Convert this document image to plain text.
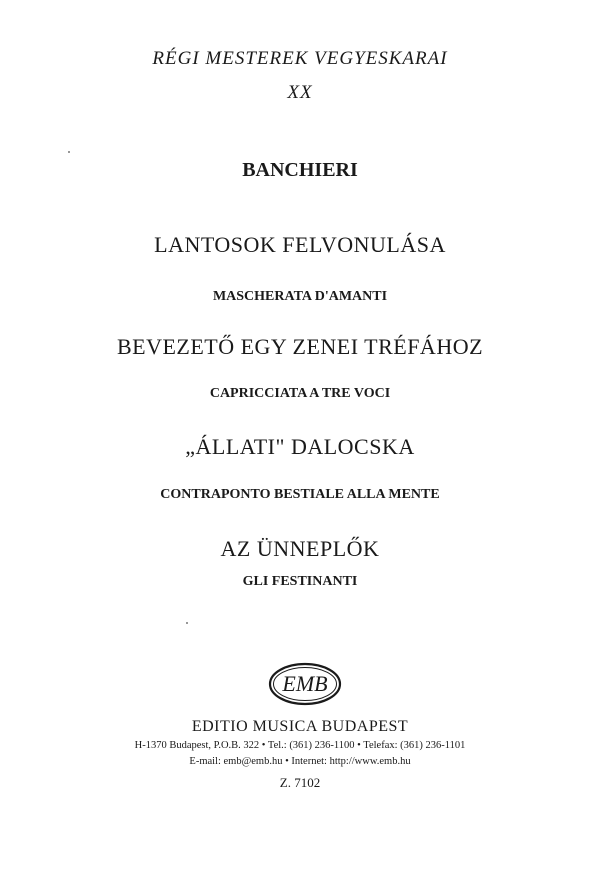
RÉGI MESTEREK VEGYESKARAI

XX

BANCHIERI

LANTOSOK FELVONULÁSA

MASCHERATA D'AMANTI

BEVEZETŐ EGY ZENEI TRÉFÁHOZ

CAPRICCIATA A TRE VOCI

„ÁLLATI" DALOCSKA

CONTRAPONTO BESTIALE ALLA MENTE

AZ ÜNNEPLŐK

GLI FESTINANTI

EMB

EDITIO MUSICA BUDAPEST

H-1370 Budapest, P.O.B. 322 • Tel.: (361) 236-1100 • Telefax: (361) 236-1101

E-mail: emb@emb.hu • Internet: http://www.emb.hu

Z. 7102
